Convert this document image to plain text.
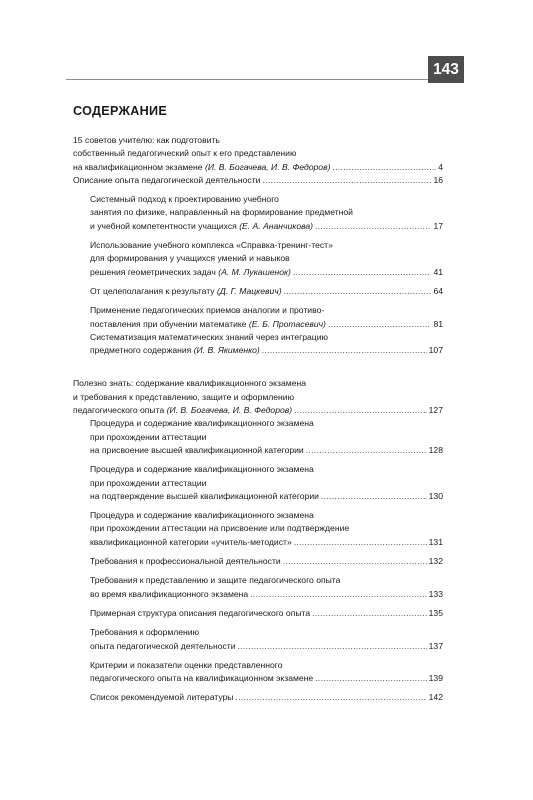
143
СОДЕРЖАНИЕ
15 советов учителю: как подготовить
собственный педагогический опыт к его представлению
на квалификационном экзамене (И. В. Богачева, И. В. Федоров) .....	4
Описание опыта педагогической деятельности .....	16
Системный подход к проектированию учебного
занятия по физике, направленный на формирование предметной
и учебной компетентности учащихся (Е. А. Ананчикова) .....	17
Использование учебного комплекса «Справка-тренинг-тест»
для формирования у учащихся умений и навыков
решения геометрических задач (А. М. Лукашенок) .....	41
От целеполагания к результату (Д. Г. Мацкевич) .....	64
Применение педагогических приемов аналогии и противо-
поставления при обучении математике (Е. Б. Протасевич) .....	81
Систематизация математических знаний через интеграцию
предметного содержания (И. В. Якименко) .....	107
Полезно знать: содержание квалификационного экзамена
и требования к представлению, защите и оформлению
педагогического опыта (И. В. Богачева, И. В. Федоров) .....	127
Процедура и содержание квалификационного экзамена
при прохождении аттестации
на присвоение высшей квалификационной категории .....	128
Процедура и содержание квалификационного экзамена
при прохождении аттестации
на подтверждение высшей квалификационной категории .....	130
Процедура и содержание квалификационного экзамена
при прохождении аттестации на присвоение или подтверждение
квалификационной категории «учитель-методист» .....	131
Требования к профессиональной деятельности .....	132
Требования к представлению и защите педагогического опыта
во время квалификационного экзамена .....	133
Примерная структура описания педагогического опыта .....	135
Требования к оформлению
опыта педагогической деятельности .....	137
Критерии и показатели оценки представленного
педагогического опыта на квалификационном экзамене .....	139
Список рекомендуемой литературы .....	142
